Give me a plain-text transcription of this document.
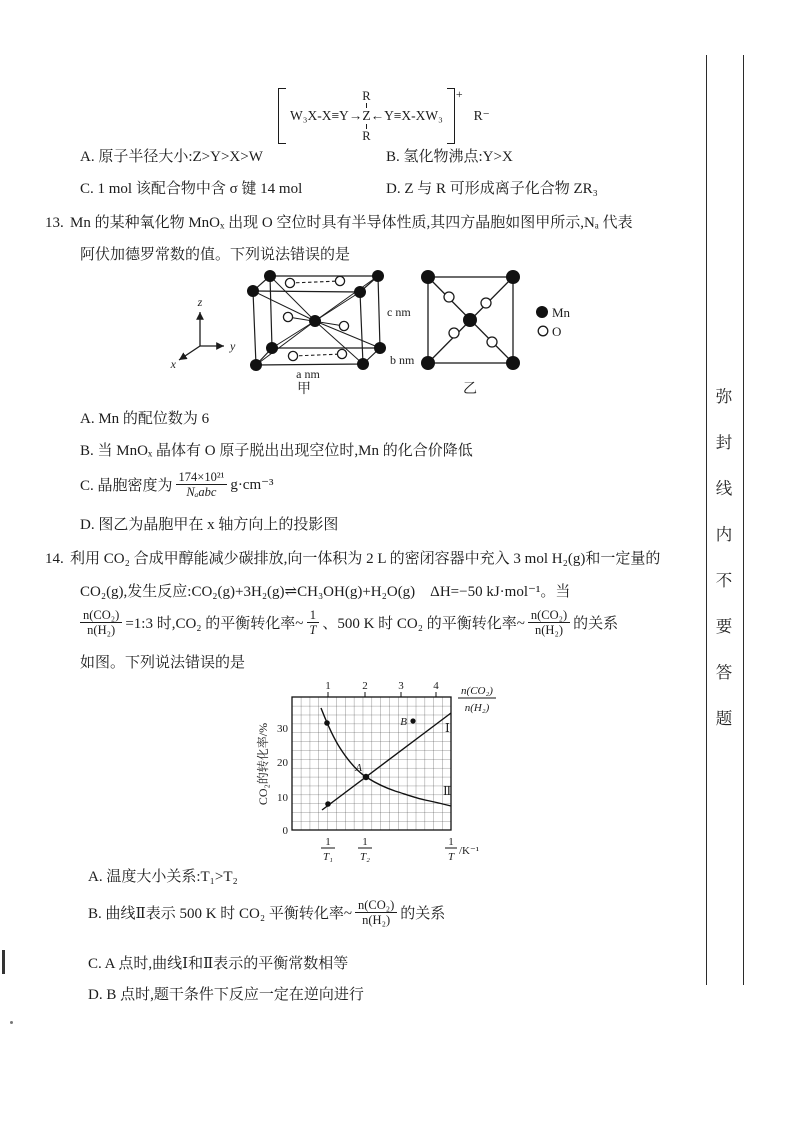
R
W₃X-X≡Y→ Z ←Y≡X-XW₃
R
+
R⁻
A. 原子半径大小:Z>Y>X>W	B. 氢化物沸点:Y>X
C. 1 mol 该配合物中含 σ 键 14 mol	D. Z 与 R 可形成离子化合物 ZR₃
13. Mn 的某种氧化物 MnOₓ 出现 O 空位时具有半导体性质,其四方晶胞如图甲所示,Nₐ 代表
阿伏加德罗常数的值。下列说法错误的是
z
y
x
c nm
b nm
a nm
甲	乙
Mn
O
A. Mn 的配位数为 6
B. 当 MnOₓ 晶体有 O 原子脱出出现空位时,Mn 的化合价降低
C. 晶胞密度为 $\frac{\text{174×10²¹}}{\text{Nₐabc}} g\cdot cm^{-3}$
D. 图乙为晶胞甲在 x 轴方向上的投影图
14. 利用 CO₂ 合成甲醇能减少碳排放,向一体积为 2 L 的密闭容器中充入 3 mol H₂(g)和一定量的
CO₂(g),发生反应:CO₂(g)+3H₂(g)⇌CH₃OH(g)+H₂O(g)　ΔH=−50 kJ·mol⁻¹。当
$\frac{\text{n(CO₂)}}{\text{n(H₂)}}$ =1:3 时,CO₂ 的平衡转化率~ $\frac{1}{T}$ 、500 K 时 CO₂ 的平衡转化率~ $\frac{\text{n(CO₂)}}{\text{n(H₂)}}$ 的关系
如图。下列说法错误的是
1	2	3	4
30
20
10
0
CO₂的转化率/%	A
B	Ⅰ
Ⅱ
n(CO₂)
n(H₂)
1
T₁
1
T₂
1
T /K⁻¹
A. 温度大小关系:T₁>T₂
B. 曲线Ⅱ表示 500 K 时 CO₂ 平衡转化率~ $\frac{\text{n(CO₂)}}{\text{n(H₂)}}$ 的关系
C. A 点时,曲线Ⅰ和Ⅱ表示的平衡常数相等
D. B 点时,题干条件下反应一定在逆向进行
弥
封
线
内
不
要
答
题
